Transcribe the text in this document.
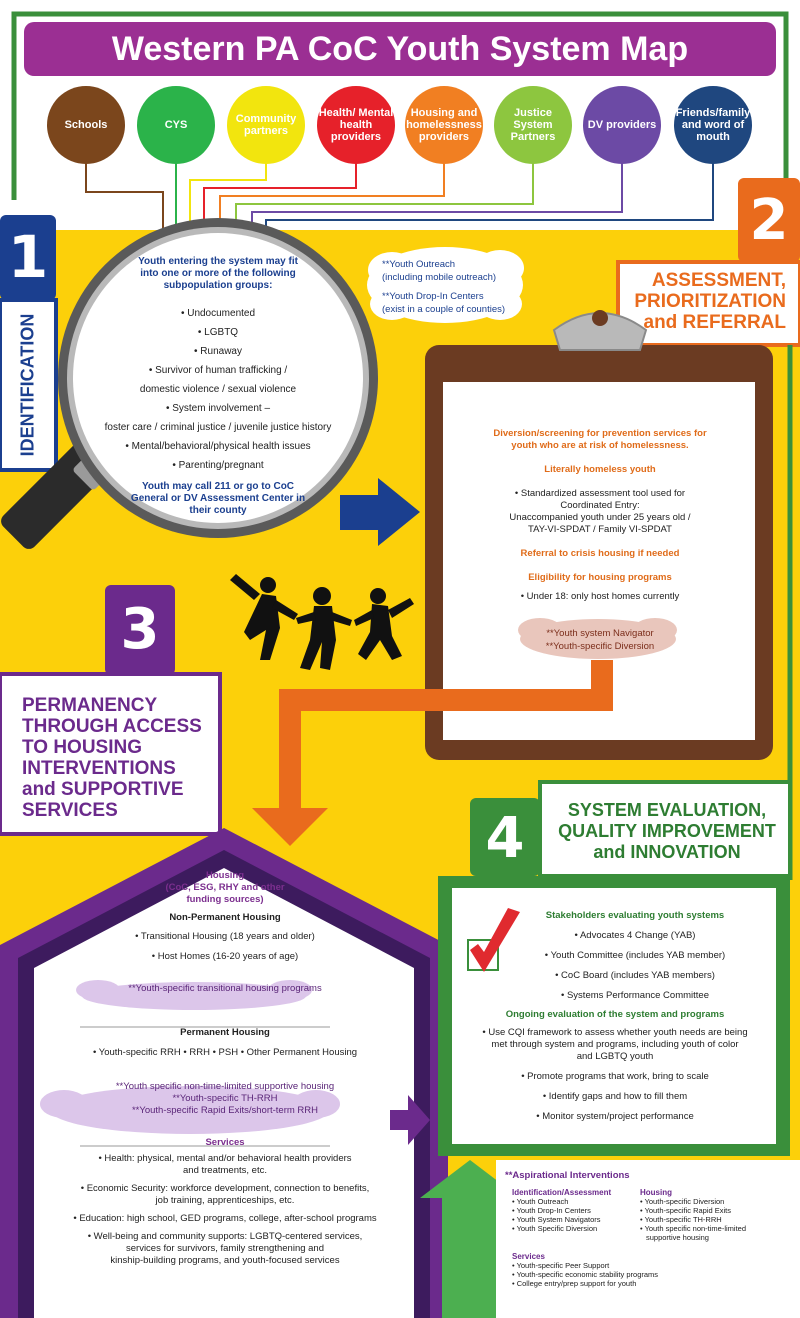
Western PA CoC Youth System Map
Schools	CYS	Community partners
Health/ Mental health providers
Housing and homelessness providers
Justice System Partners
DV providers
Friends/family and word of mouth
1
IDENTIFICATION
Youth entering the system may fit into one or more of the following subpopulation groups:
• Undocumented
• LGBTQ
• Runaway
• Survivor of human trafficking /
domestic violence / sexual violence
• System involvement –
foster care / criminal justice / juvenile justice history
• Mental/behavioral/physical health issues
• Parenting/pregnant
Youth may call 211 or go to CoC General or DV Assessment Center in their county
**Youth Outreach
(including mobile outreach)
**Youth Drop-In Centers
(exist in a couple of counties)
2
ASSESSMENT,
PRIORITIZATION
and REFERRAL
Diversion/screening for prevention services for youth who are at risk of homelessness.
Literally homeless youth
• Standardized assessment tool used for
Coordinated Entry:
Unaccompanied youth under 25 years old /
TAY-VI-SPDAT / Family VI-SPDAT
Referral to crisis housing if needed
Eligibility for housing programs
• Under 18: only host homes currently
**Youth system Navigator
**Youth-specific Diversion
3
PERMANENCY
THROUGH ACCESS
TO HOUSING
INTERVENTIONS
and SUPPORTIVE
SERVICES
Housing
(CoC, ESG, RHY and other funding sources)
Non-Permanent Housing
• Transitional Housing (18 years and older)
• Host Homes (16-20 years of age)
**Youth-specific transitional housing programs
Permanent Housing
• Youth-specific RRH • RRH • PSH • Other Permanent Housing
**Youth specific non-time-limited supportive housing
**Youth-specific TH-RRH
**Youth-specific Rapid Exits/short-term RRH
Services
• Health: physical, mental and/or behavioral health providers
and treatments, etc.
• Economic Security: workforce development, connection to benefits,
job training, apprenticeships, etc.
• Education: high school, GED programs, college, after-school programs
• Well-being and community supports: LGBTQ-centered services,
services for survivors, family strengthening and
kinship-building programs, and youth-focused services
4	SYSTEM EVALUATION,
QUALITY IMPROVEMENT
and INNOVATION
Stakeholders evaluating youth systems
• Advocates 4 Change (YAB)
• Youth Committee (includes YAB member)
• CoC Board (includes YAB members)
• Systems Performance Committee
Ongoing evaluation of the system and programs
• Use CQI framework to assess whether youth needs are being
met through system and programs, including youth of color
and LGBTQ youth
• Promote programs that work, bring to scale
• Identify gaps and how to fill them
• Monitor system/project performance
**Aspirational Interventions
Identification/Assessment
• Youth Outreach
• Youth Drop-In Centers
• Youth System Navigators
• Youth Specific Diversion
Housing
• Youth-specific Diversion
• Youth-specific Rapid Exits
• Youth-specific TH-RRH
• Youth specific non-time-limited
supportive housing
Services
• Youth-specific Peer Support
• Youth-specific economic stability programs
• College entry/prep support for youth
